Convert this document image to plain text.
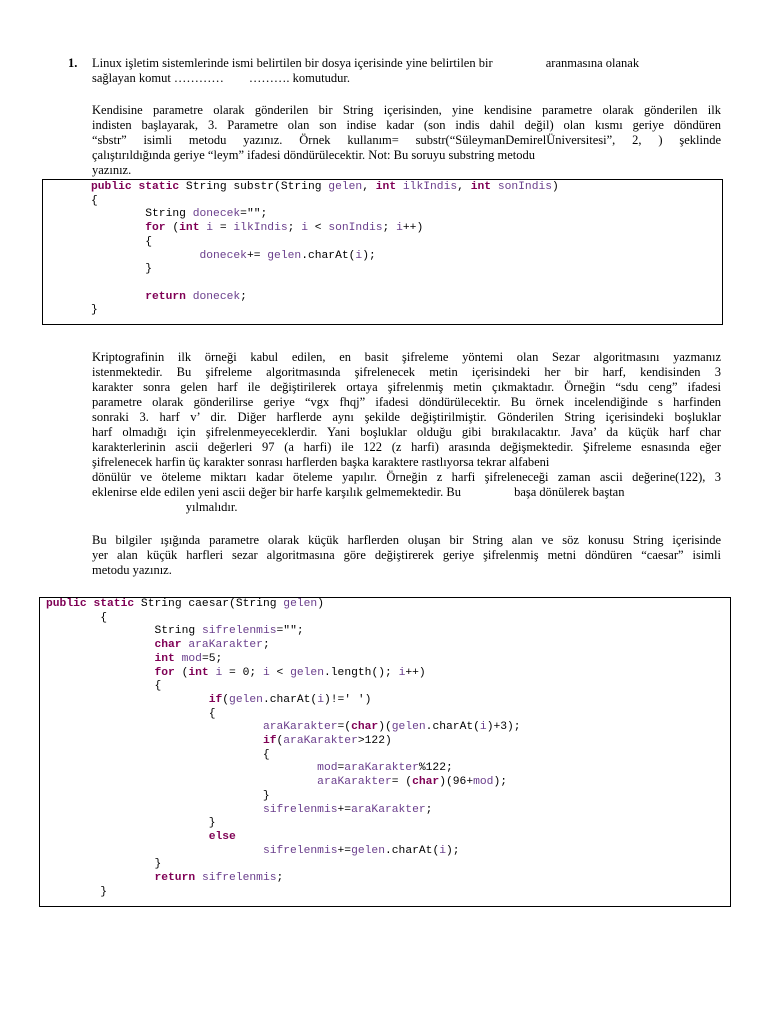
1. Linux işletim sistemlerinde ismi belirtilen bir dosya içerisinde yine belirtilen bir                 aranmasına olanak
sağlayan komut …………        ………. komutudur.
Kendisine parametre olarak gönderilen bir String içerisinden, yine kendisine parametre olarak gönderilen ilk
indisten başlayarak, 3. Parametre olan son indise kadar (son indis dahil değil) olan kısmı geriye döndüren
“sbstr” isimli metodu yazınız. Örnek kullanım= substr(“SüleymanDemirelÜniversitesi”, 2, ) şeklinde
çalıştırıldığında geriye “leym” ifadesi döndürülecektir. Not: Bu soruyu substring metodu
yazınız.
public static String substr(String gelen, int ilkIndis, int sonIndis)
{
String donecek="";
for (int i = ilkIndis; i < sonIndis; i++)
{
donecek+= gelen.charAt(i);
}
return donecek;
}
Kriptografinin ilk örneği kabul edilen, en basit şifreleme yöntemi olan Sezar algoritmasını yazmanız
istenmektedir. Bu şifreleme algoritmasında şifrelenecek metin içerisindeki her bir harf, kendisinden 3
karakter sonra gelen harf ile değiştirilerek ortaya şifrelenmiş metin çıkmaktadır. Örneğin “sdu ceng” ifadesi
parametre olarak gönderilirse geriye “vgx fhqj” ifadesi döndürülecektir. Bu örnek incelendiğinde s harfinden
sonraki 3. harf v’ dir. Diğer harflerde aynı şekilde değiştirilmiştir. Gönderilen String içerisindeki boşluklar
harf olmadığı için şifrelenmeyeceklerdir. Yani boşluklar olduğu gibi bırakılacaktır. Java’ da küçük harf char
karakterlerinin ascii değerleri 97 (a harfi) ile 122 (z harfi) arasında değişmektedir. Şifreleme esnasında eğer
şifrelenecek harfin üç karakter sonrası harflerden başka karaktere rastlıyorsa tekrar alfabeni
dönülür ve öteleme miktarı kadar öteleme yapılır. Örneğin z harfi şifreleneceği zaman ascii değerine(122), 3
eklenirse elde edilen yeni ascii değer bir harfe karşılık gelmemektedir. Bu                 başa dönülerek baştan
yılmalıdır.
Bu bilgiler ışığında parametre olarak küçük harflerden oluşan bir String alan ve söz konusu String içerisinde
yer alan küçük harfleri sezar algoritmasına göre değiştirerek geriye şifrelenmiş metni döndüren “caesar” isimli
metodu yazınız.
public static String caesar(String gelen)
{
String sifrelenmis="";
char araKarakter;
int mod=5;
for (int i = 0; i < gelen.length(); i++)
{
if(gelen.charAt(i)!=' ')
{
araKarakter=(char)(gelen.charAt(i)+3);
if(araKarakter>122)
{
mod=araKarakter%122;
araKarakter= (char)(96+mod);
}
sifrelenmis+=araKarakter;
}
else
sifrelenmis+=gelen.charAt(i);
}
return sifrelenmis;
}
